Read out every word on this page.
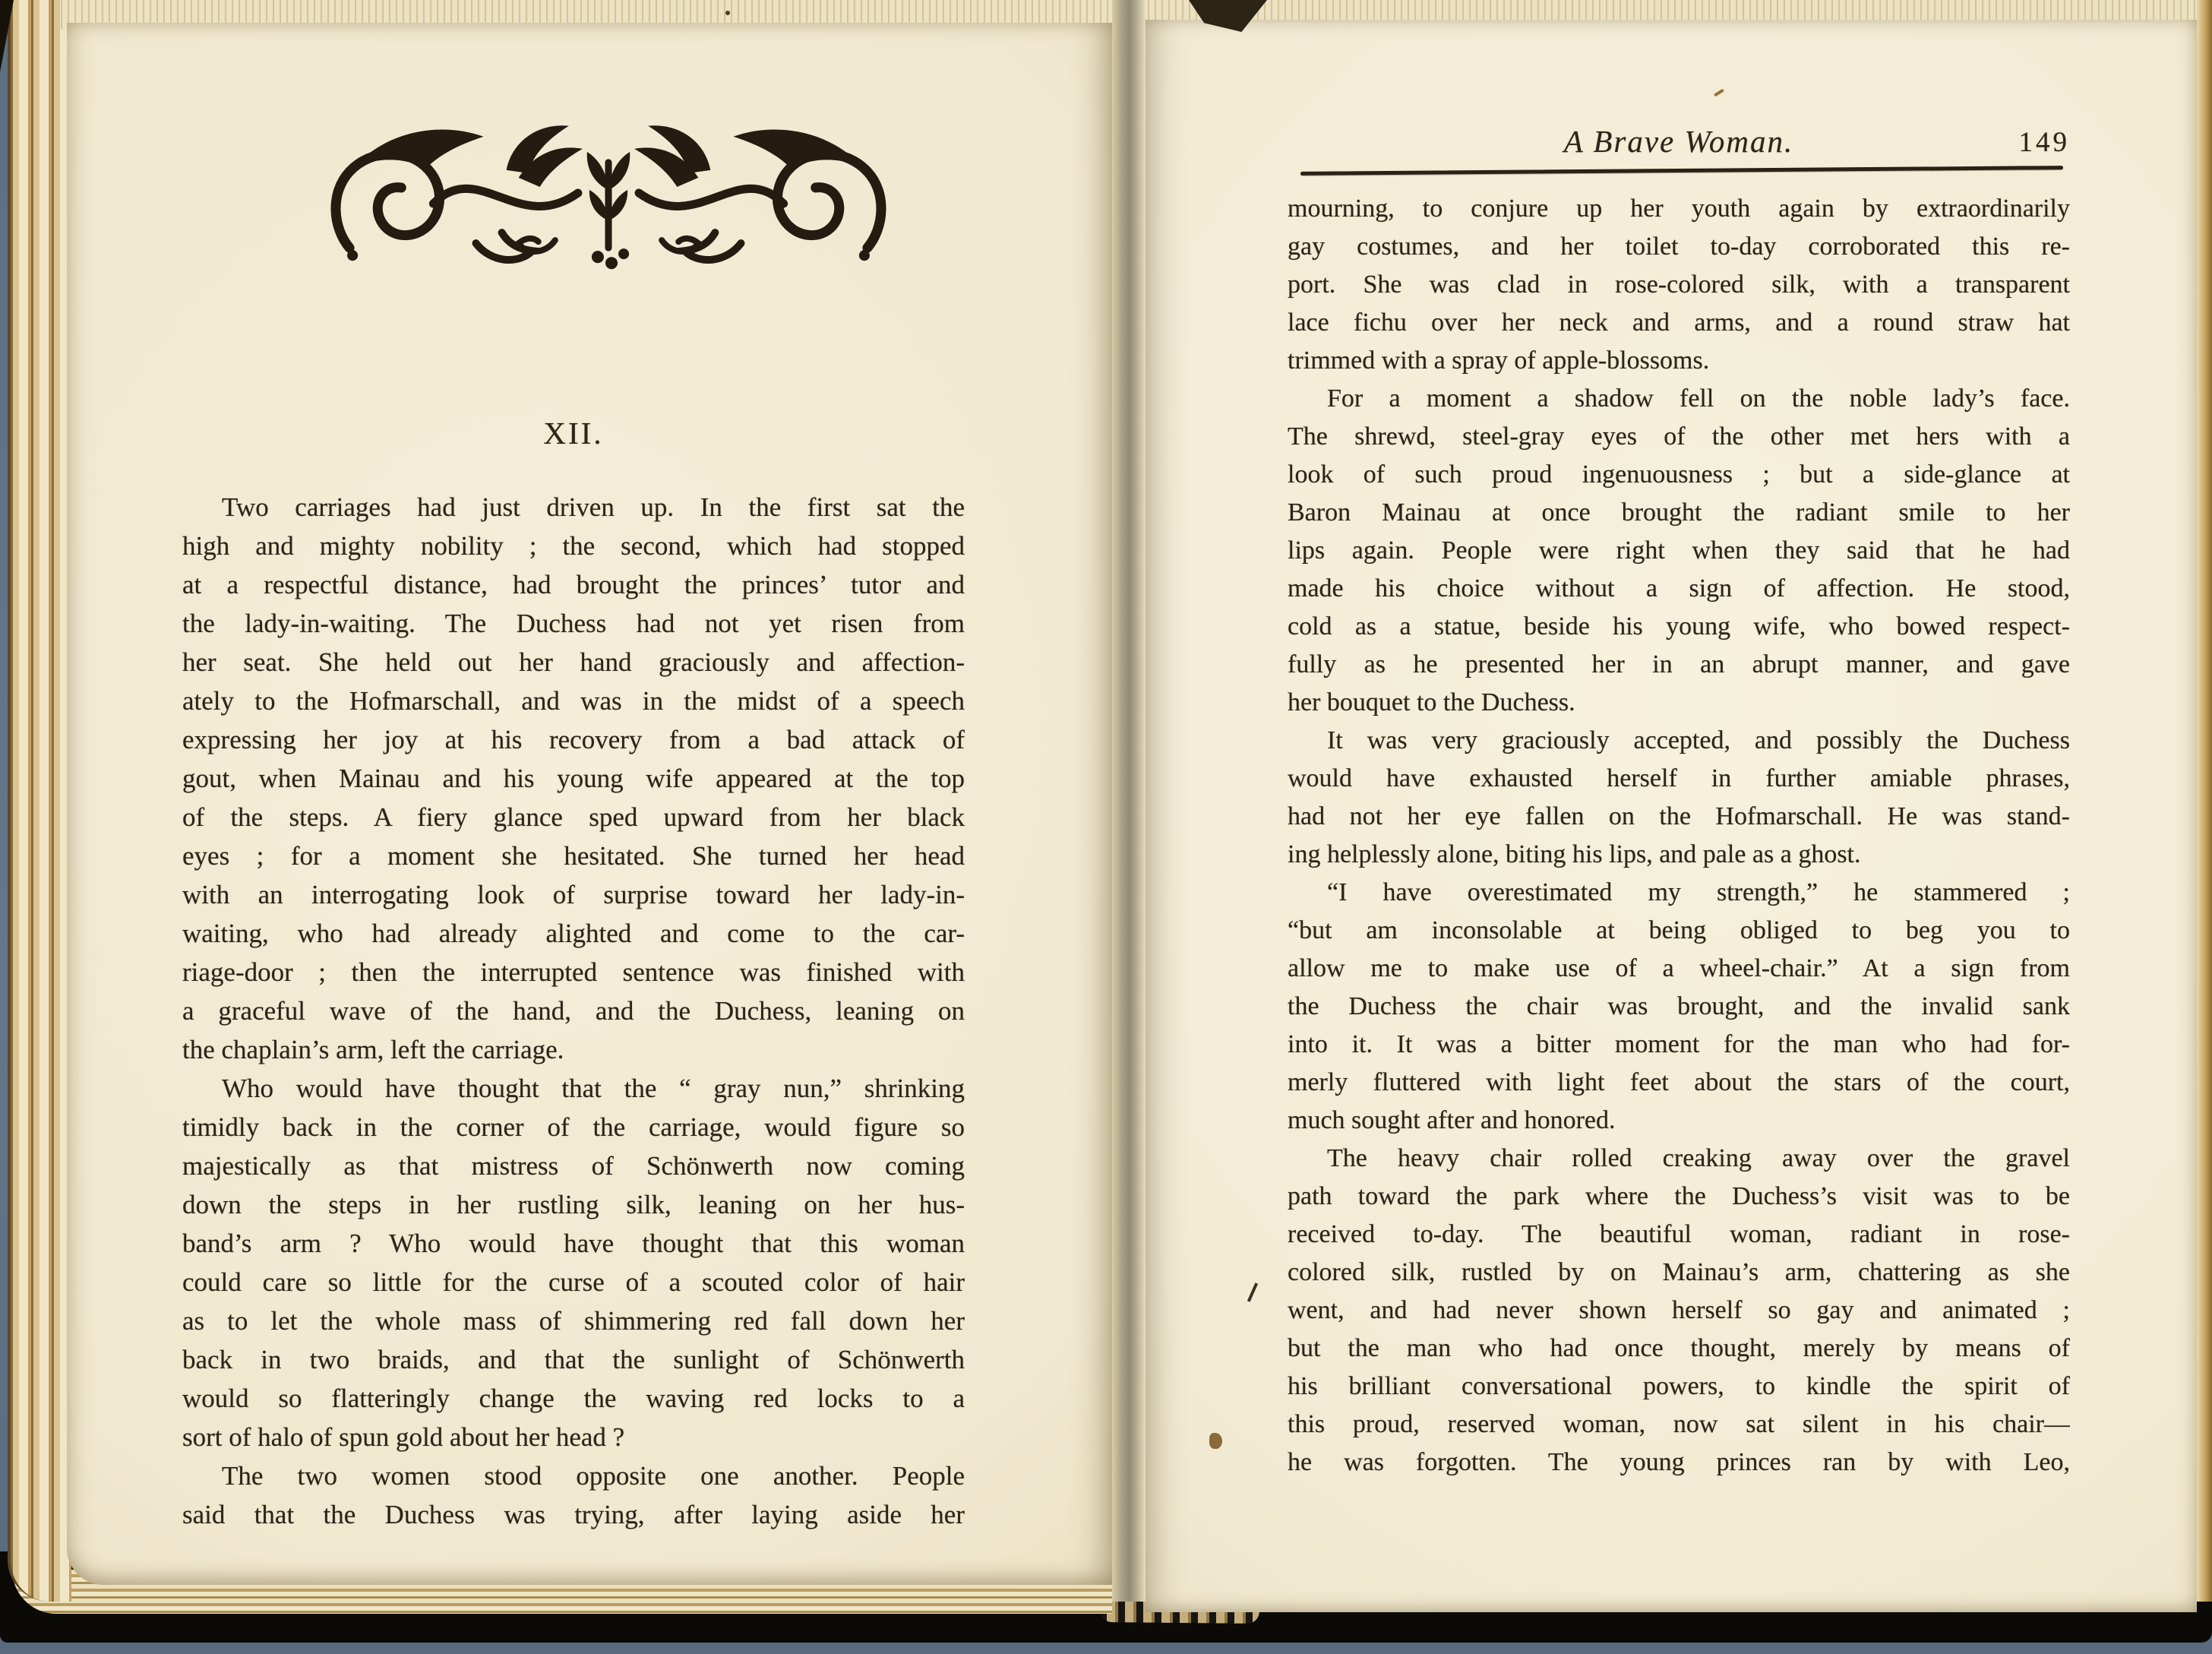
XII.
Two carriages had just driven up. In the first sat the
high and mighty nobility ; the second, which had stopped
at a respectful distance, had brought the princes’ tutor and
the lady-in-waiting. The Duchess had not yet risen from
her seat. She held out her hand graciously and affection-
ately to the Hofmarschall, and was in the midst of a speech
expressing her joy at his recovery from a bad attack of
gout, when Mainau and his young wife appeared at the top
of the steps. A fiery glance sped upward from her black
eyes ; for a moment she hesitated. She turned her head
with an interrogating look of surprise toward her lady-in-
waiting, who had already alighted and come to the car-
riage-door ; then the interrupted sentence was finished with
a graceful wave of the hand, and the Duchess, leaning on
the chaplain’s arm, left the carriage.
Who would have thought that the “ gray nun,” shrinking
timidly back in the corner of the carriage, would figure so
majestically as that mistress of Schönwerth now coming
down the steps in her rustling silk, leaning on her hus-
band’s arm ? Who would have thought that this woman
could care so little for the curse of a scouted color of hair
as to let the whole mass of shimmering red fall down her
back in two braids, and that the sunlight of Schönwerth
would so flatteringly change the waving red locks to a
sort of halo of spun gold about her head ?
The two women stood opposite one another. People
said that the Duchess was trying, after laying aside her
A Brave Woman.	149
mourning, to conjure up her youth again by extraordinarily
gay costumes, and her toilet to-day corroborated this re-
port. She was clad in rose-colored silk, with a transparent
lace fichu over her neck and arms, and a round straw hat
trimmed with a spray of apple-blossoms.
For a moment a shadow fell on the noble lady’s face.
The shrewd, steel-gray eyes of the other met hers with a
look of such proud ingenuousness ; but a side-glance at
Baron Mainau at once brought the radiant smile to her
lips again. People were right when they said that he had
made his choice without a sign of affection. He stood,
cold as a statue, beside his young wife, who bowed respect-
fully as he presented her in an abrupt manner, and gave
her bouquet to the Duchess.
It was very graciously accepted, and possibly the Duchess
would have exhausted herself in further amiable phrases,
had not her eye fallen on the Hofmarschall. He was stand-
ing helplessly alone, biting his lips, and pale as a ghost.
“I have overestimated my strength,” he stammered ;
“but am inconsolable at being obliged to beg you to
allow me to make use of a wheel-chair.” At a sign from
the Duchess the chair was brought, and the invalid sank
into it. It was a bitter moment for the man who had for-
merly fluttered with light feet about the stars of the court,
much sought after and honored.
The heavy chair rolled creaking away over the gravel
path toward the park where the Duchess’s visit was to be
received to-day. The beautiful woman, radiant in rose-
colored silk, rustled by on Mainau’s arm, chattering as she
went, and had never shown herself so gay and animated ;
but the man who had once thought, merely by means of
his brilliant conversational powers, to kindle the spirit of
this proud, reserved woman, now sat silent in his chair—
he was forgotten. The young princes ran by with Leo,
